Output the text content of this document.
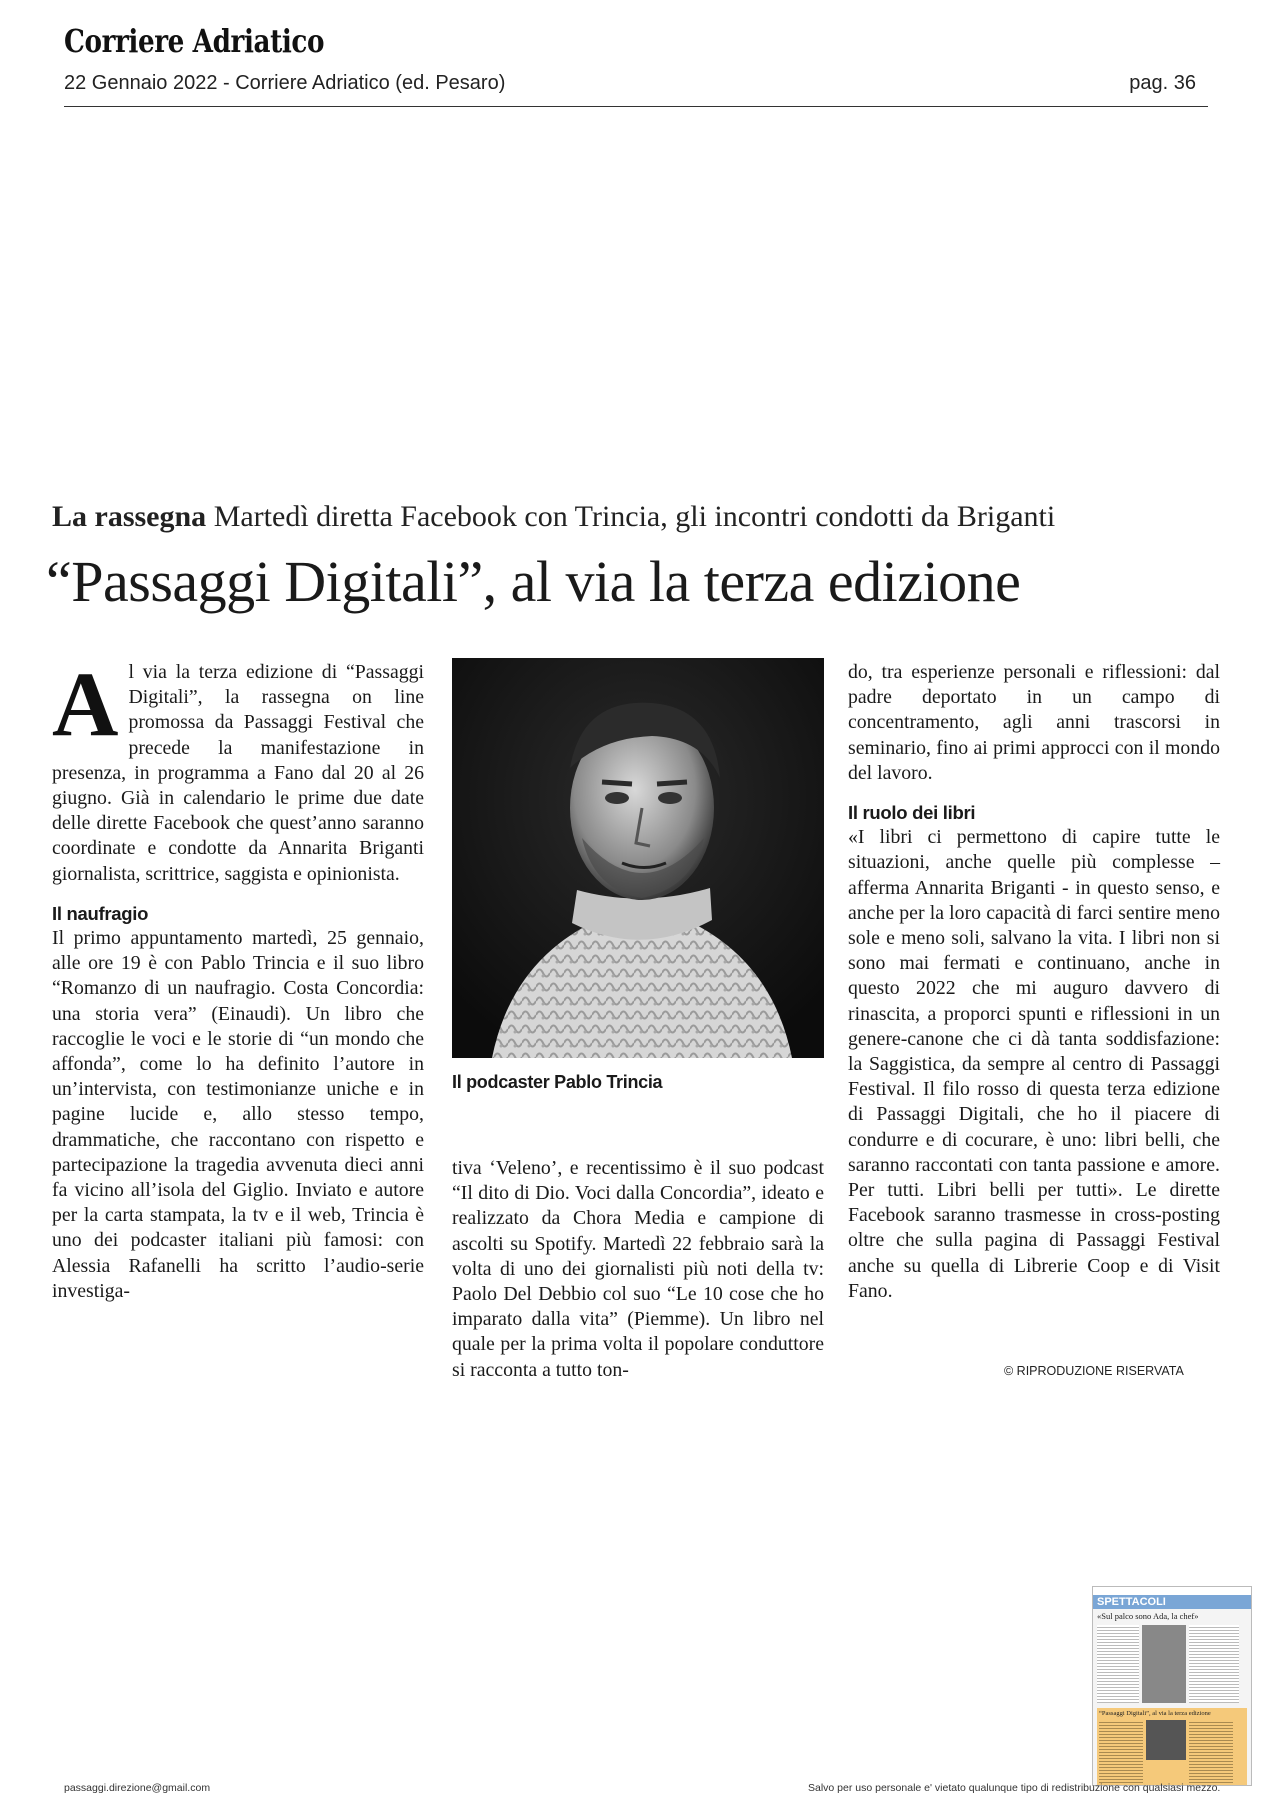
Corriere Adriatico
22 Gennaio 2022 - Corriere Adriatico (ed. Pesaro)	pag. 36
La rassegna Martedì diretta Facebook con Trincia, gli incontri condotti da Briganti
“Passaggi Digitali”, al via la terza edizione
A l via la terza edizione di “Passaggi Digitali”, la rassegna on line promossa da Passaggi Festival che precede la manifestazione in presenza, in programma a Fano dal 20 al 26 giugno. Già in calendario le prime due date delle dirette Facebook che quest’anno saranno coordinate e condotte da Annarita Briganti giornalista, scrittrice, saggista e opinionista.

Il naufragio

Il primo appuntamento martedì, 25 gennaio, alle ore 19 è con Pablo Trincia e il suo libro “Romanzo di un naufragio. Costa Concordia: una storia vera” (Einaudi). Un libro che raccoglie le voci e le storie di “un mondo che affonda”, come lo ha definito l’autore in un’intervista, con testimonianze uniche e in pagine lucide e, allo stesso tempo, drammatiche, che raccontano con rispetto e partecipazione la tragedia avvenuta dieci anni fa vicino all’isola del Giglio. Inviato e autore per la carta stampata, la tv e il web, Trincia è uno dei podcaster italiani più famosi: con Alessia Rafanelli ha scritto l’audio-serie investiga-

Il podcaster Pablo Trincia

tiva ‘Veleno’, e recentissimo è il suo podcast “Il dito di Dio. Voci dalla Concordia”, ideato e realizzato da Chora Media e campione di ascolti su Spotify. Martedì 22 febbraio sarà la volta di uno dei giornalisti più noti della tv: Paolo Del Debbio col suo “Le 10 cose che ho imparato dalla vita” (Piemme). Un libro nel quale per la prima volta il popolare conduttore si racconta a tutto ton-

do, tra esperienze personali e riflessioni: dal padre deportato in un campo di concentramento, agli anni trascorsi in seminario, fino ai primi approcci con il mondo del lavoro.

Il ruolo dei libri

«I libri ci permettono di capire tutte le situazioni, anche quelle più complesse – afferma Annarita Briganti - in questo senso, e anche per la loro capacità di farci sentire meno sole e meno soli, salvano la vita. I libri non si sono mai fermati e continuano, anche in questo 2022 che mi auguro davvero di rinascita, a proporci spunti e riflessioni in un genere-canone che ci dà tanta soddisfazione: la Saggistica, da sempre al centro di Passaggi Festival. Il filo rosso di questa terza edizione di Passaggi Digitali, che ho il piacere di condurre e di cocurare, è uno: libri belli, che saranno raccontati con tanta passione e amore. Per tutti. Libri belli per tutti». Le dirette Facebook saranno trasmesse in cross-posting oltre che sulla pagina di Passaggi Festival anche su quella di Librerie Coop e di Visit Fano.

© RIPRODUZIONE RISERVATA
SPETTACOLI
«Sul palco sono Ada, la chef»
“Passaggi Digitali”, al via la terza edizione
passaggi.direzione@gmail.com	Salvo per uso personale e' vietato qualunque tipo di redistribuzione con qualsiasi mezzo.
